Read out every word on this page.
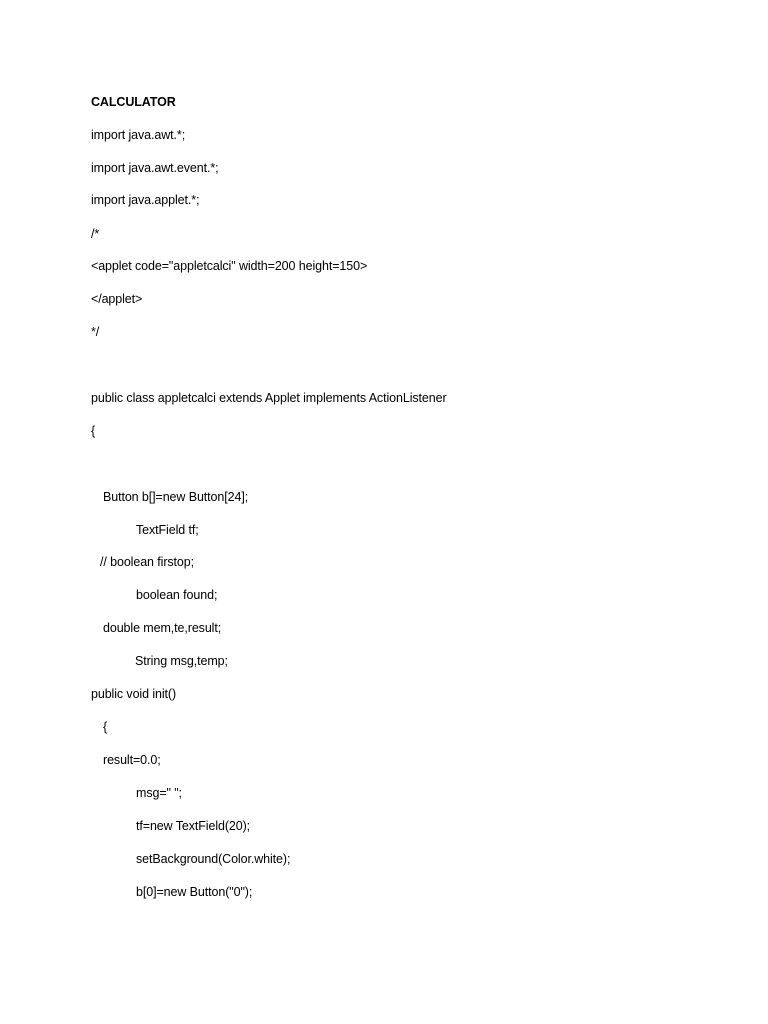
CALCULATOR
import java.awt.*;
import java.awt.event.*;
import java.applet.*;
/*
<applet code="appletcalci" width=200 height=150>
</applet>
*/
public class appletcalci extends Applet implements ActionListener
{
Button b[]=new Button[24];
TextField tf;
// boolean firstop;
boolean found;
double mem,te,result;
String msg,temp;
public void init()
{
result=0.0;
msg=" ";
tf=new TextField(20);
setBackground(Color.white);
b[0]=new Button("0");
